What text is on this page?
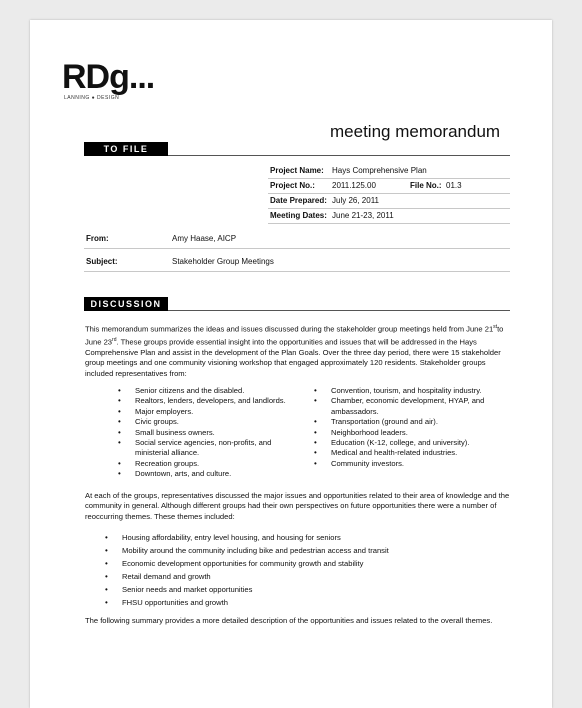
RDg...
LANNING ● DESIGN
meeting memorandum
TO FILE
Project Name: Hays Comprehensive Plan
Project No.: 2011.125.00	File No.: 01.3
Date Prepared: July 26, 2011
Meeting Dates: June 21-23, 2011
From:	Amy Haase, AICP
Subject:	Stakeholder Group Meetings
DISCUSSION

This memorandum summarizes the ideas and issues discussed during the stakeholder group meetings held from June 21stto June 23rd. These groups provide essential insight into the opportunities and issues that will be addressed in the Hays Comprehensive Plan and assist in the development of the Plan Goals. Over the three day period, there were 15 stakeholder group meetings and one community visioning workshop that engaged approximately 120 residents. Stakeholder groups included representatives from:

• Senior citizens and the disabled.
• Realtors, lenders, developers, and landlords.
• Major employers.
• Civic groups.
• Small business owners.
• Social service agencies, non-profits, and ministerial alliance.
• Recreation groups.
• Downtown, arts, and culture.
• Convention, tourism, and hospitality industry.
• Chamber, economic development, HYAP, and ambassadors.
• Transportation (ground and air).
• Neighborhood leaders.
• Education (K-12, college, and university).
• Medical and health-related industries.
• Community investors.

At each of the groups, representatives discussed the major issues and opportunities related to their area of knowledge and the community in general. Although different groups had their own perspectives on future opportunities there were a number of reoccurring themes. These themes included:

• Housing affordability, entry level housing, and housing for seniors
• Mobility around the community including bike and pedestrian access and transit
• Economic development opportunities for community growth and stability
• Retail demand and growth
• Senior needs and market opportunities
• FHSU opportunities and growth

The following summary provides a more detailed description of the opportunities and issues related to the overall themes.
